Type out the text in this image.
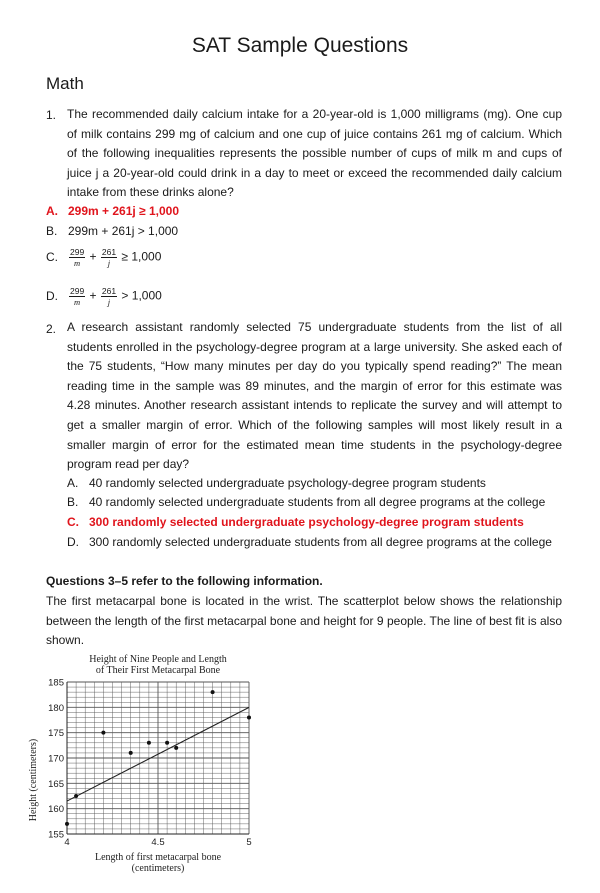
SAT Sample Questions
Math
1. The recommended daily calcium intake for a 20-year-old is 1,000 milligrams (mg). One cup of milk contains 299 mg of calcium and one cup of juice contains 261 mg of calcium. Which of the following inequalities represents the possible number of cups of milk m and cups of juice j a 20-year-old could drink in a day to meet or exceed the recommended daily calcium intake from these drinks alone?
A. 299m + 261j ≥ 1,000
B. 299m + 261j > 1,000
C. $\frac{299}{m} + \frac{261}{j} \ge 1,000$
D. $\frac{299}{m} + \frac{261}{j} > 1,000$
2. A research assistant randomly selected 75 undergraduate students from the list of all students enrolled in the psychology-degree program at a large university. She asked each of the 75 students, “How many minutes per day do you typically spend reading?” The mean reading time in the sample was 89 minutes, and the margin of error for this estimate was 4.28 minutes. Another research assistant intends to replicate the survey and will attempt to get a smaller margin of error. Which of the following samples will most likely result in a smaller margin of error for the estimated mean time students in the psychology-degree program read per day?
A. 40 randomly selected undergraduate psychology-degree program students
B. 40 randomly selected undergraduate students from all degree programs at the college
C. 300 randomly selected undergraduate psychology-degree program students
D. 300 randomly selected undergraduate students from all degree programs at the college
Questions 3–5 refer to the following information.
The first metacarpal bone is located in the wrist. The scatterplot below shows the relationship between the length of the first metacarpal bone and height for 9 people. The line of best fit is also shown.
155
160
165
170
175
180
185
4	4.5	5
Height of Nine People and Length of Their First Metacarpal Bone
Length of first metacarpal bone (centimeters)
Height (centimeters)
